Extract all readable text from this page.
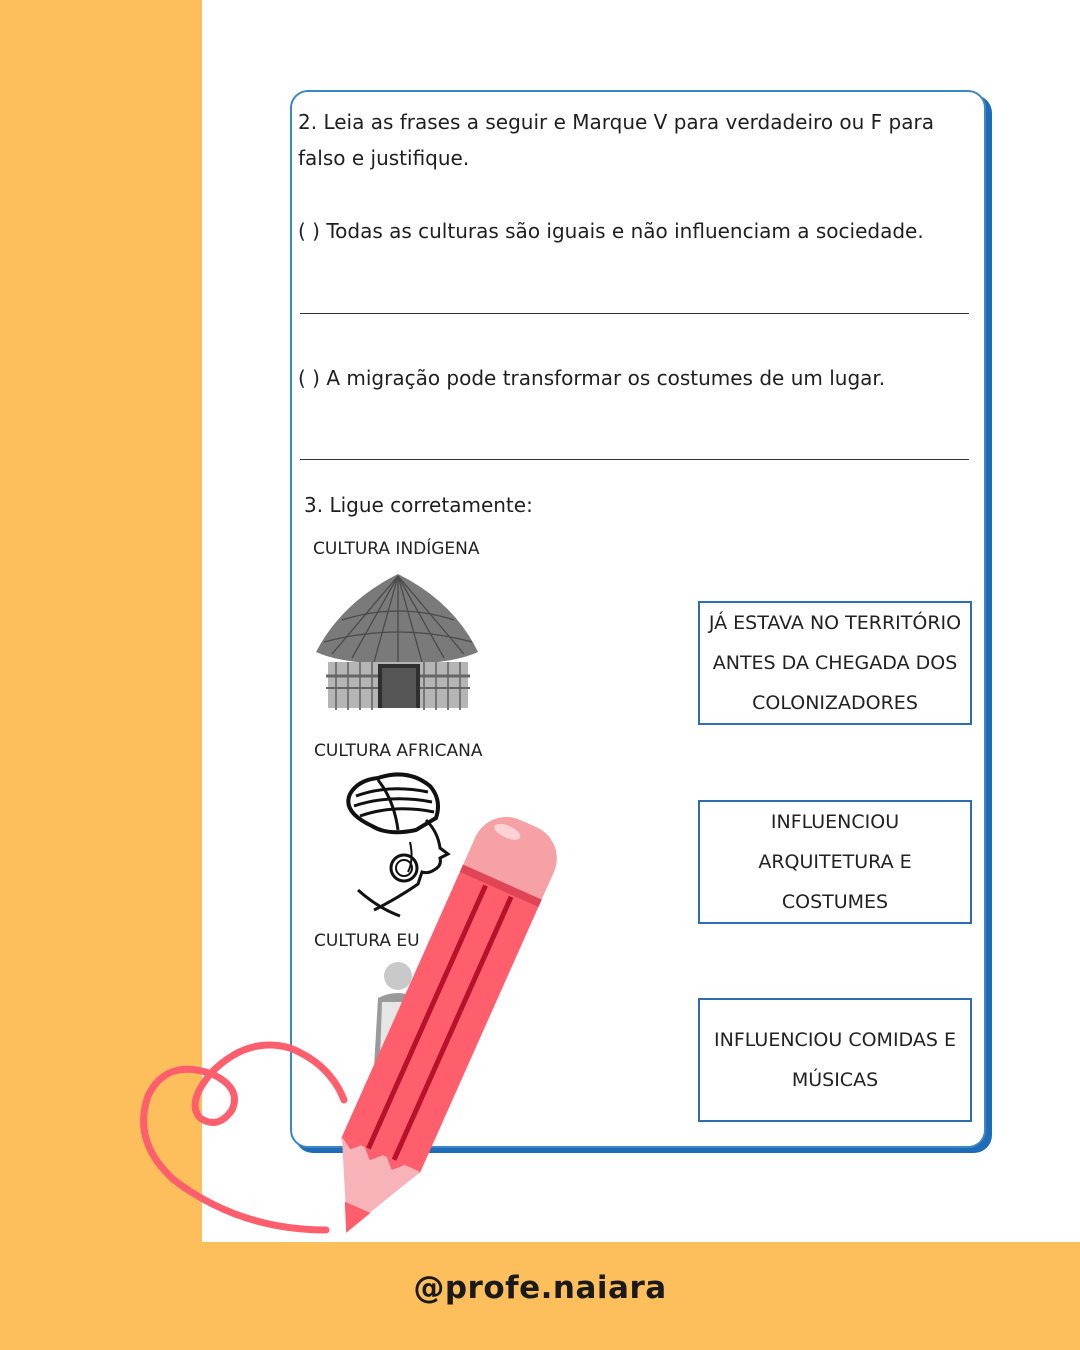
2. Leia as frases a seguir e Marque V para verdadeiro ou F para falso e justifique.
( ) Todas as culturas são iguais e não influenciam a sociedade.
( ) A migração pode transformar os costumes de um lugar.
3. Ligue corretamente:
CULTURA INDÍGENA
CULTURA AFRICANA
CULTURA EU
JÁ ESTAVA NO TERRITÓRIO ANTES DA CHEGADA DOS COLONIZADORES
INFLUENCIOU ARQUITETURA E COSTUMES
INFLUENCIOU COMIDAS E MÚSICAS
@profe.naiara
